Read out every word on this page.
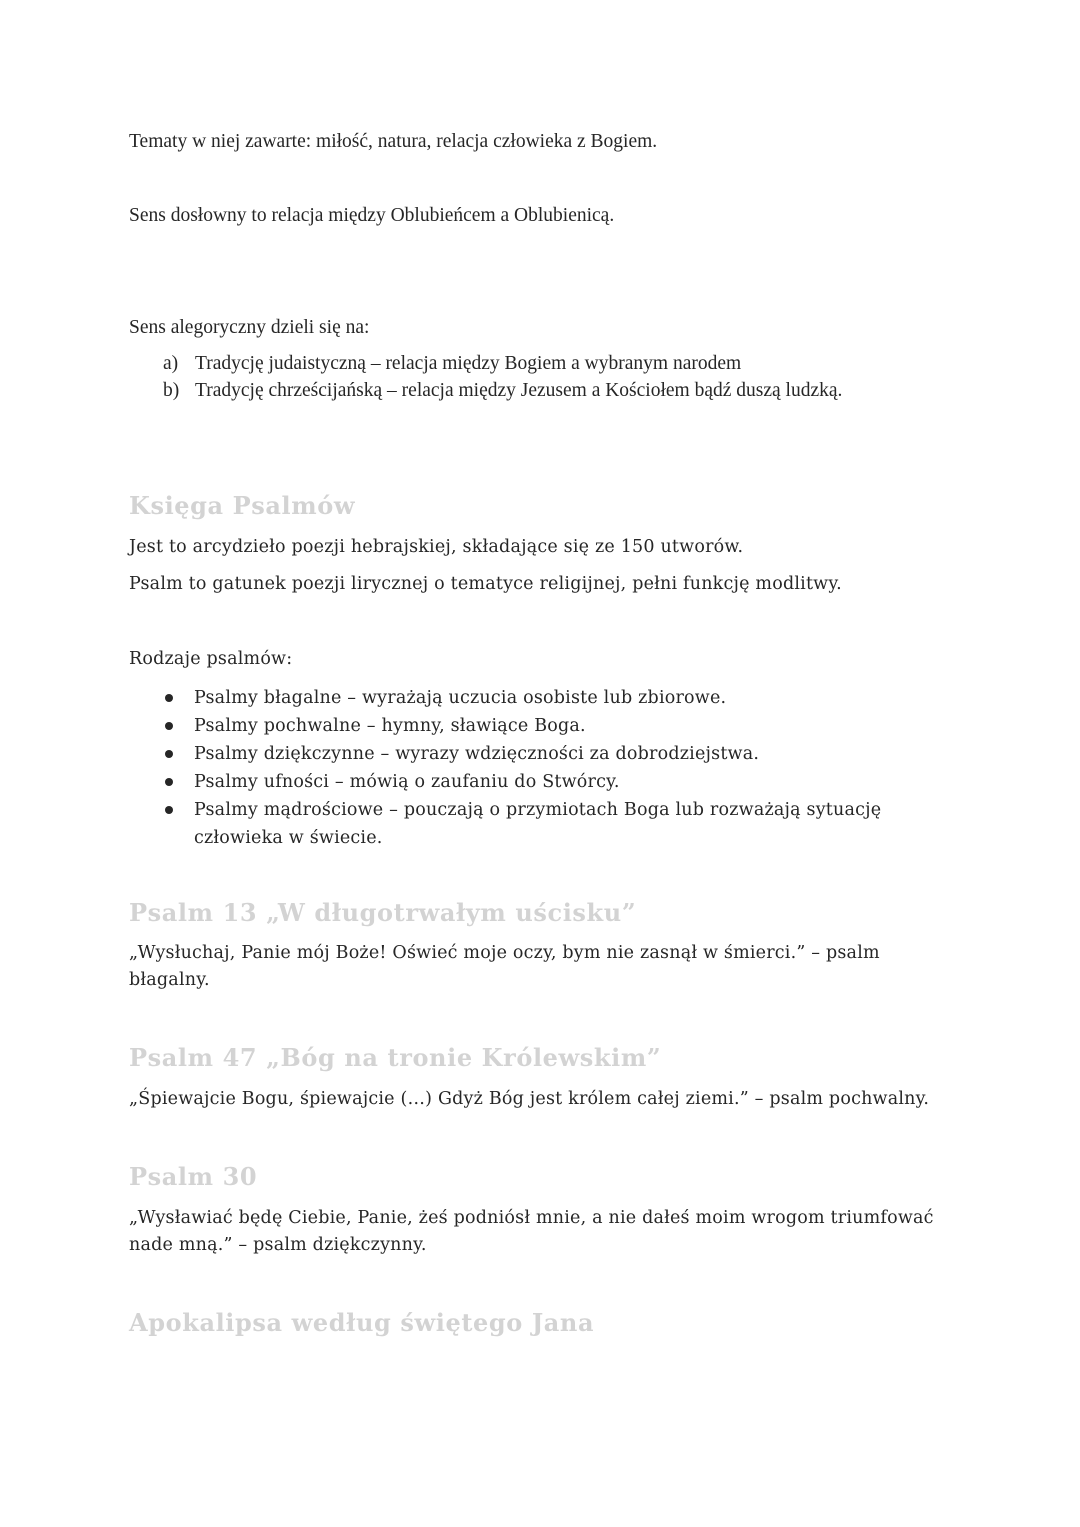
Tematy w niej zawarte: miłość, natura, relacja człowieka z Bogiem.

Sens dosłowny to relacja między Oblubieńcem a Oblubienicą.

Sens alegoryczny dzieli się na:

a) Tradycję judaistyczną – relacja między Bogiem a wybranym narodem
b) Tradycję chrześcijańską – relacja między Jezusem a Kościołem bądź duszą ludzką.
Księga Psalmów

Jest to arcydzieło poezji hebrajskiej, składające się ze 150 utworów.

Psalm to gatunek poezji lirycznej o tematyce religijnej, pełni funkcję modlitwy.

Rodzaje psalmów:

Psalmy błagalne – wyrażają uczucia osobiste lub zbiorowe.
Psalmy pochwalne – hymny, sławiące Boga.
Psalmy dziękczynne – wyrazy wdzięczności za dobrodziejstwa.
Psalmy ufności – mówią o zaufaniu do Stwórcy.
Psalmy mądrościowe – pouczają o przymiotach Boga lub rozważają sytuację
człowieka w świecie.
Psalm 13 „W długotrwałym uścisku”

„Wysłuchaj, Panie mój Boże! Oświeć moje oczy, bym nie zasnął w śmierci.” – psalm

błagalny.

Psalm 47 „Bóg na tronie Królewskim”

„Śpiewajcie Bogu, śpiewajcie (…) Gdyż Bóg jest królem całej ziemi.” – psalm pochwalny.

Psalm 30

„Wysławiać będę Ciebie, Panie, żeś podniósł mnie, a nie dałeś moim wrogom triumfować

nade mną.” – psalm dziękczynny.

Apokalipsa według świętego Jana
